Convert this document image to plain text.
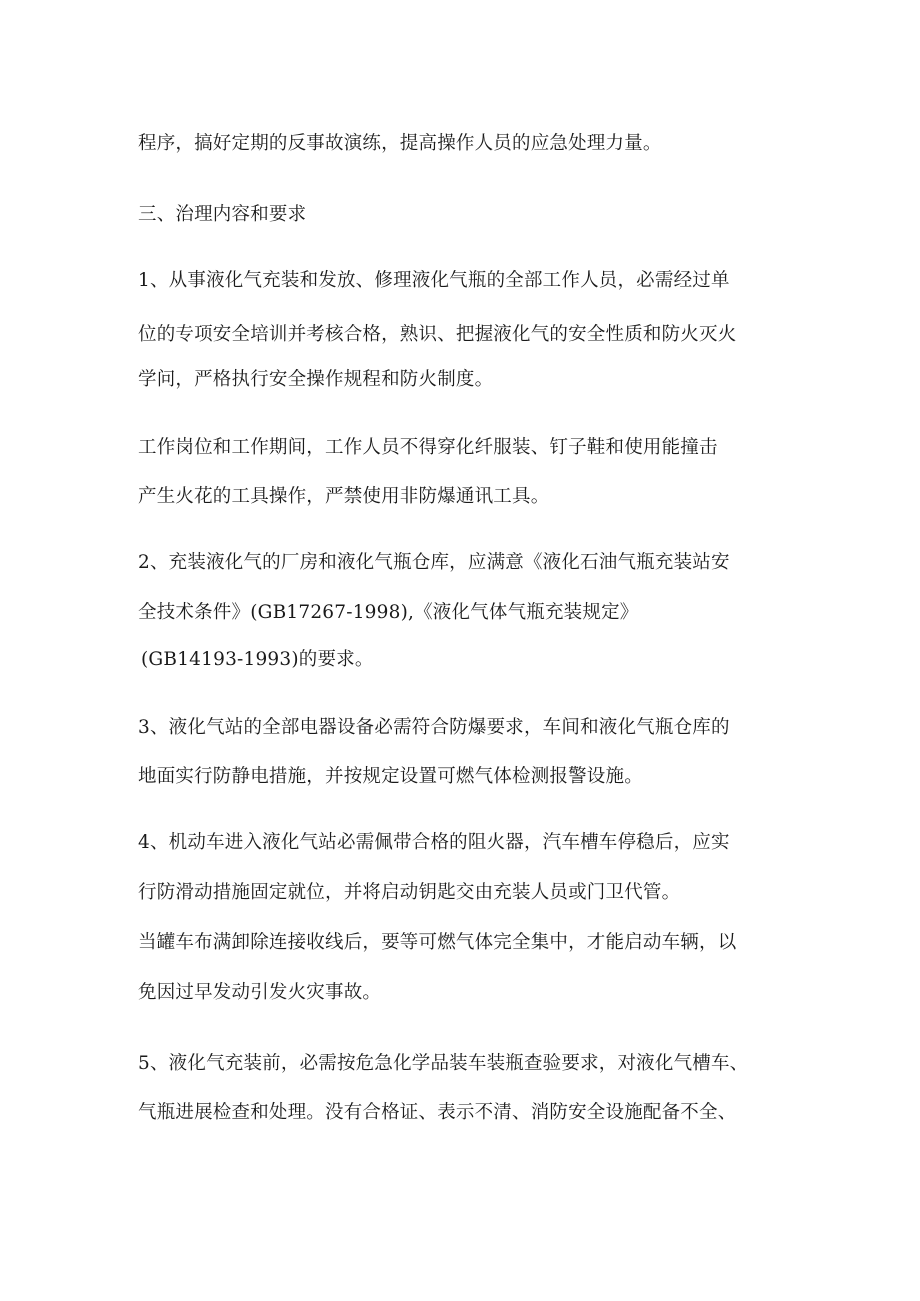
程序，搞好定期的反事故演练，提高操作人员的应急处理力量。
三、治理内容和要求
1、从事液化气充装和发放、修理液化气瓶的全部工作人员，必需经过单
位的专项安全培训并考核合格，熟识、把握液化气的安全性质和防火灭火
学问，严格执行安全操作规程和防火制度。
工作岗位和工作期间，工作人员不得穿化纤服装、钉子鞋和使用能撞击
产生火花的工具操作，严禁使用非防爆通讯工具。
2、充装液化气的厂房和液化气瓶仓库，应满意《液化石油气瓶充装站安
全技术条件》(GB17267-1998),《液化气体气瓶充装规定》
(GB14193-1993)的要求。
3、液化气站的全部电器设备必需符合防爆要求，车间和液化气瓶仓库的
地面实行防静电措施，并按规定设置可燃气体检测报警设施。
4、机动车进入液化气站必需佩带合格的阻火器，汽车槽车停稳后，应实
行防滑动措施固定就位，并将启动钥匙交由充装人员或门卫代管。
当罐车布满卸除连接收线后，要等可燃气体完全集中，才能启动车辆，以
免因过早发动引发火灾事故。
5、液化气充装前，必需按危急化学品装车装瓶查验要求，对液化气槽车、
气瓶进展检查和处理。没有合格证、表示不清、消防安全设施配备不全、
